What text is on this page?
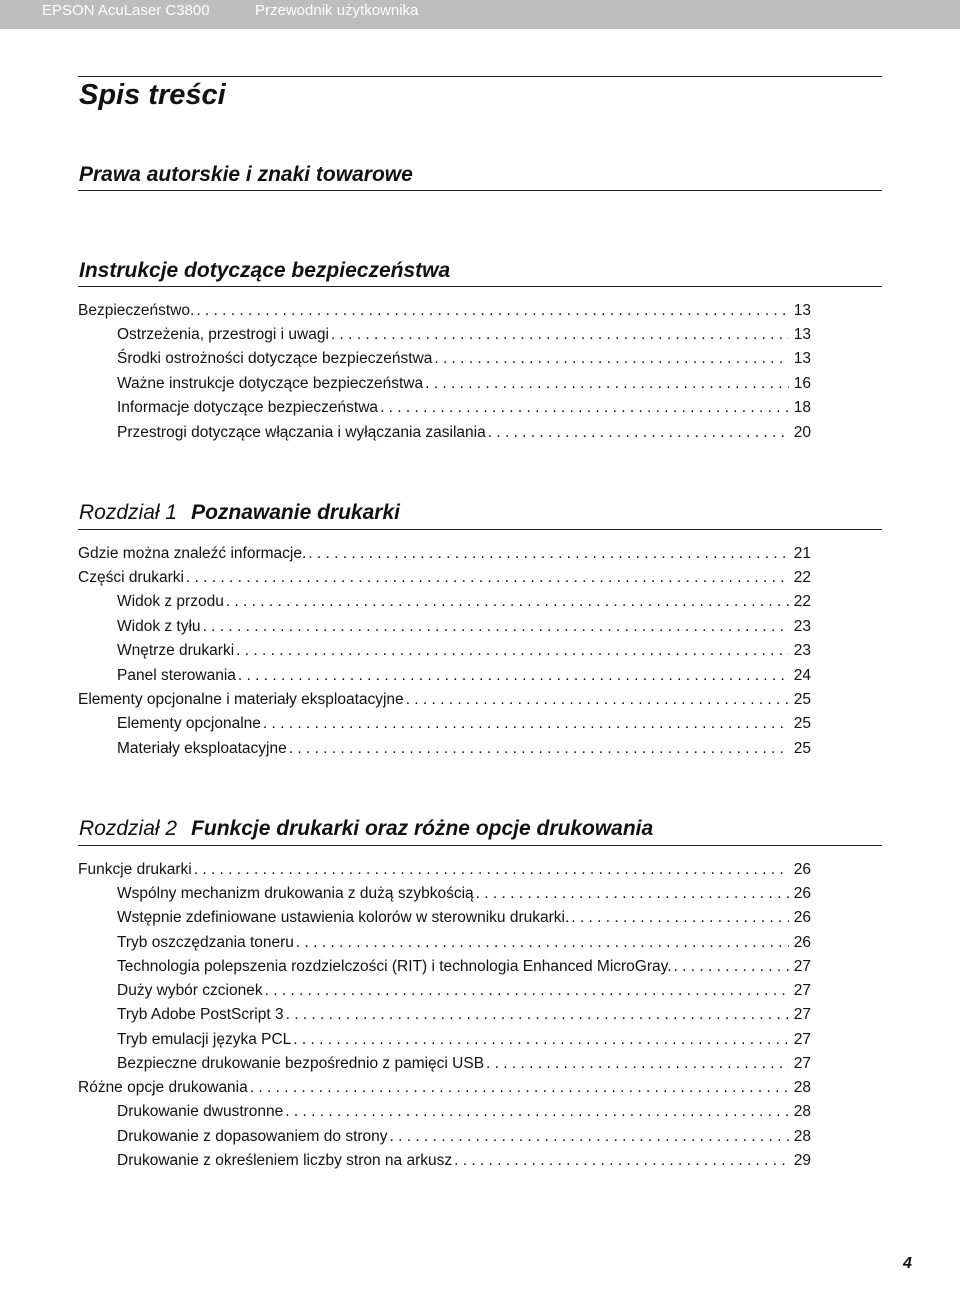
EPSON AcuLaser C3800	Przewodnik użytkownika
Spis treści
Prawa autorskie i znaki towarowe
Instrukcje dotyczące bezpieczeństwa
Rozdział 1 Poznawanie drukarki
Rozdział 2 Funkcje drukarki oraz różne opcje drukowania
Bezpieczeństwo. . . .	13
Ostrzeżenia, przestrogi i uwagi . . .	13
Środki ostrożności dotyczące bezpieczeństwa . . .	13
Ważne instrukcje dotyczące bezpieczeństwa . . .	16
Informacje dotyczące bezpieczeństwa . . .	18
Przestrogi dotyczące włączania i wyłączania zasilania . . .	20
Gdzie można znaleźć informacje. . . .	21
Części drukarki . . .	22
Widok z przodu . . .	22
Widok z tyłu . . .	23
Wnętrze drukarki . . .	23
Panel sterowania . . .	24
Elementy opcjonalne i materiały eksploatacyjne . . .	25
Elementy opcjonalne . . .	25
Materiały eksploatacyjne . . .	25
Funkcje drukarki . . .	26
Wspólny mechanizm drukowania z dużą szybkością . . .	26
Wstępnie zdefiniowane ustawienia kolorów w sterowniku drukarki. . . .	26
Tryb oszczędzania toneru . . .	26
Technologia polepszenia rozdzielczości (RIT) i technologia Enhanced MicroGray. . . .	27
Duży wybór czcionek . . .	27
Tryb Adobe PostScript 3 . . .	27
Tryb emulacji języka PCL . . .	27
Bezpieczne drukowanie bezpośrednio z pamięci USB . . .	27
Różne opcje drukowania . . .	28
Drukowanie dwustronne . . .	28
Drukowanie z dopasowaniem do strony . . .	28
Drukowanie z określeniem liczby stron na arkusz . . .	29
4
